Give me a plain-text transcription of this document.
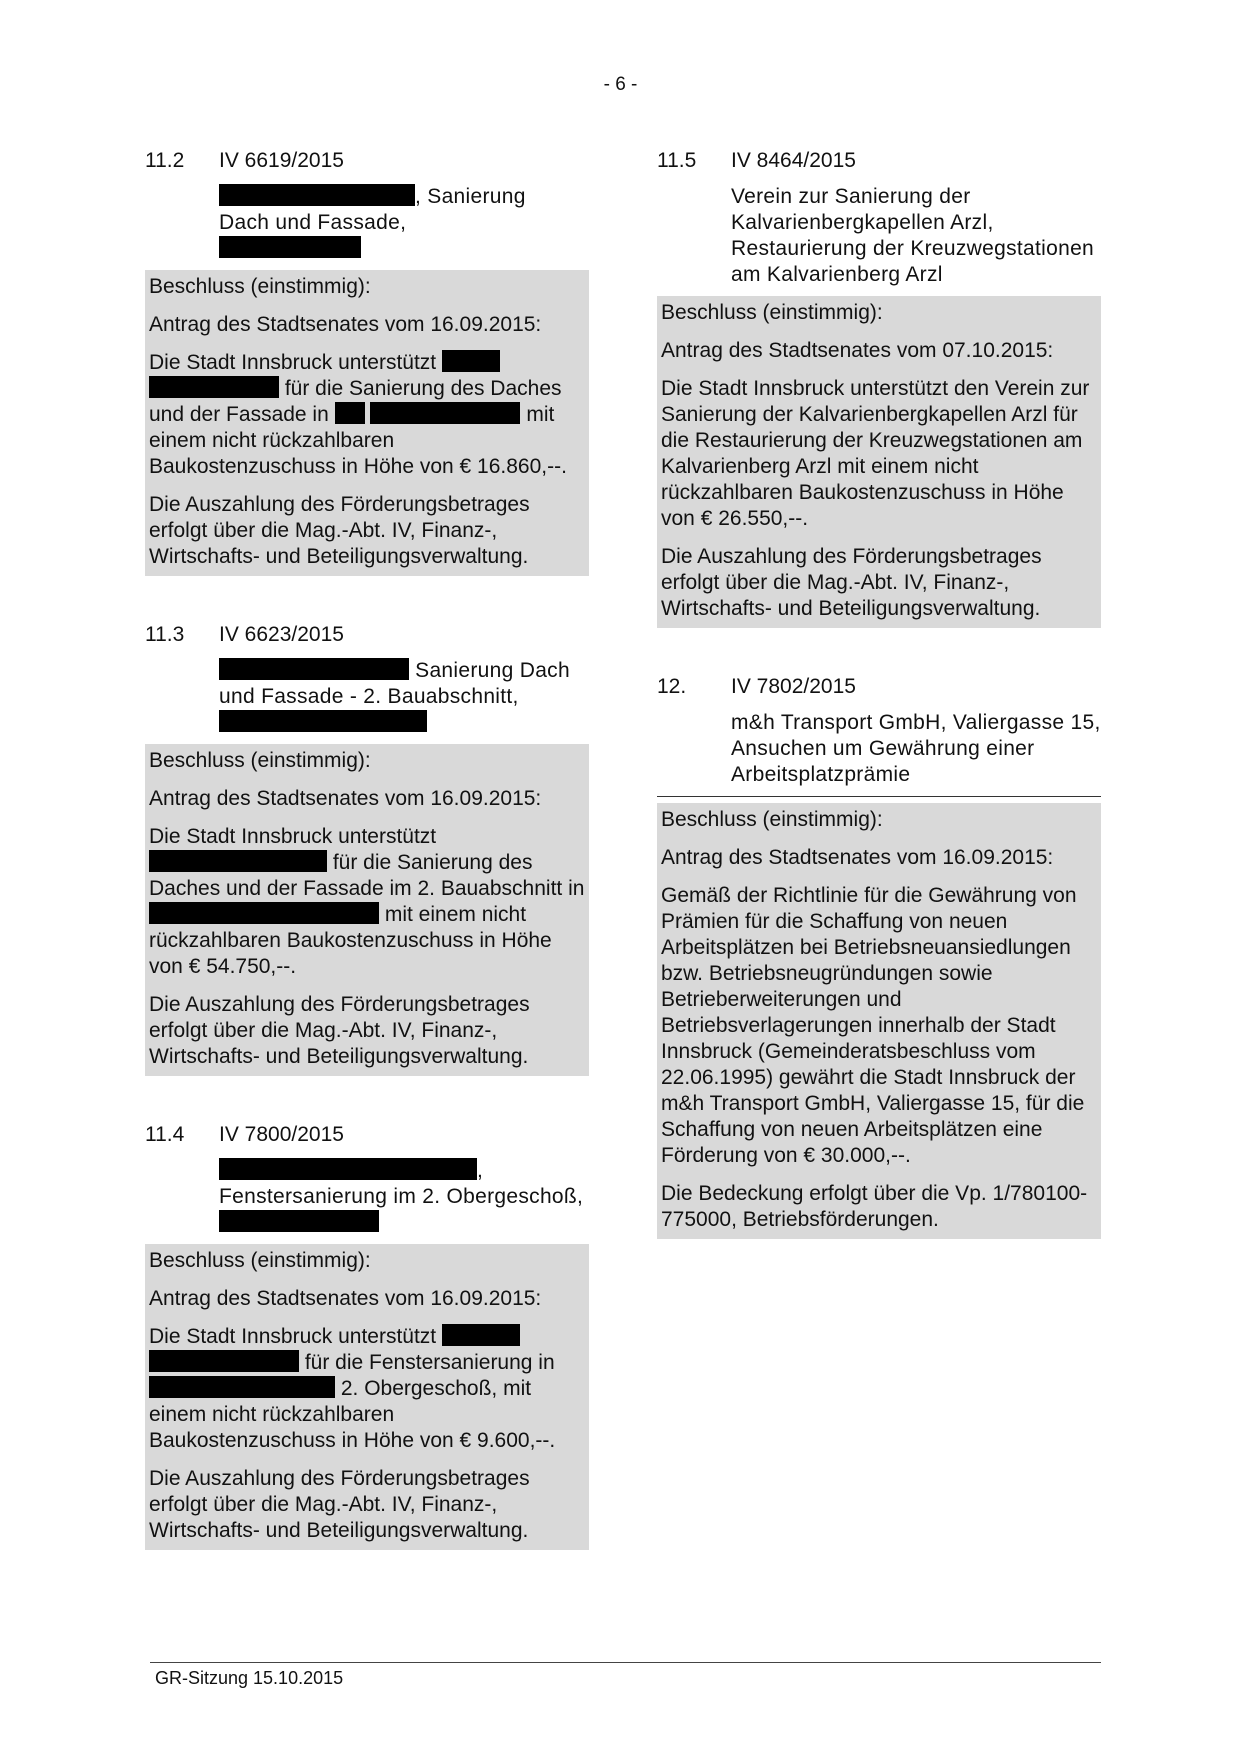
- 6 -
11.2	IV 6619/2015
, Sanierung
Dach und Fassade,

Beschluss (einstimmig):

Antrag des Stadtsenates vom 16.09.2015:

Die Stadt Innsbruck unterstützt   für die Sanierung des Daches und der Fassade in	mit einem nicht rückzahlbaren Baukostenzuschuss in Höhe von € 16.860,--.

Die Auszahlung des Förderungsbetrages erfolgt über die Mag.-Abt. IV, Finanz-, Wirtschafts- und Beteiligungsverwaltung.

11.3	IV 6623/2015
Sanierung Dach und Fassade - 2. Bauabschnitt,

Beschluss (einstimmig):

Antrag des Stadtsenates vom 16.09.2015:

Die Stadt Innsbruck unterstützt  für die Sanierung des Daches und der Fassade im 2. Bauabschnitt in  mit einem nicht rückzahlbaren Baukostenzuschuss in Höhe von € 54.750,--.

Die Auszahlung des Förderungsbetrages erfolgt über die Mag.-Abt. IV, Finanz-, Wirtschafts- und Beteiligungsverwaltung.

11.4	IV 7800/2015
,
Fenstersanierung im 2. Obergeschoß,

Beschluss (einstimmig):

Antrag des Stadtsenates vom 16.09.2015:

Die Stadt Innsbruck unterstützt   für die Fenstersanierung in  2. Obergeschoß, mit einem nicht rückzahlbaren Baukostenzuschuss in Höhe von € 9.600,--.

Die Auszahlung des Förderungsbetrages erfolgt über die Mag.-Abt. IV, Finanz-, Wirtschafts- und Beteiligungsverwaltung.

11.5	IV 8464/2015
Verein zur Sanierung der Kalvarienbergkapellen Arzl, Restaurierung der Kreuzwegstationen am Kalvarienberg Arzl

Beschluss (einstimmig):

Antrag des Stadtsenates vom 07.10.2015:

Die Stadt Innsbruck unterstützt den Verein zur Sanierung der Kalvarienbergkapellen Arzl für die Restaurierung der Kreuzwegstationen am Kalvarienberg Arzl mit einem nicht rückzahlbaren Baukostenzuschuss in Höhe von € 26.550,--.

Die Auszahlung des Förderungsbetrages erfolgt über die Mag.-Abt. IV, Finanz-, Wirtschafts- und Beteiligungsverwaltung.

12.	IV 7802/2015
m&h Transport GmbH, Valiergasse 15, Ansuchen um Gewährung einer Arbeitsplatzprämie

Beschluss (einstimmig):

Antrag des Stadtsenates vom 16.09.2015:

Gemäß der Richtlinie für die Gewährung von Prämien für die Schaffung von neuen Arbeitsplätzen bei Betriebsneuansiedlungen bzw. Betriebsneugründungen sowie Betrieberweiterungen und Betriebsverlagerungen innerhalb der Stadt Innsbruck (Gemeinderatsbeschluss vom 22.06.1995) gewährt die Stadt Innsbruck der m&h Transport GmbH, Valiergasse 15, für die Schaffung von neuen Arbeitsplätzen eine Förderung von € 30.000,--.

Die Bedeckung erfolgt über die Vp. 1/780100-775000, Betriebsförderungen.

GR-Sitzung 15.10.2015
